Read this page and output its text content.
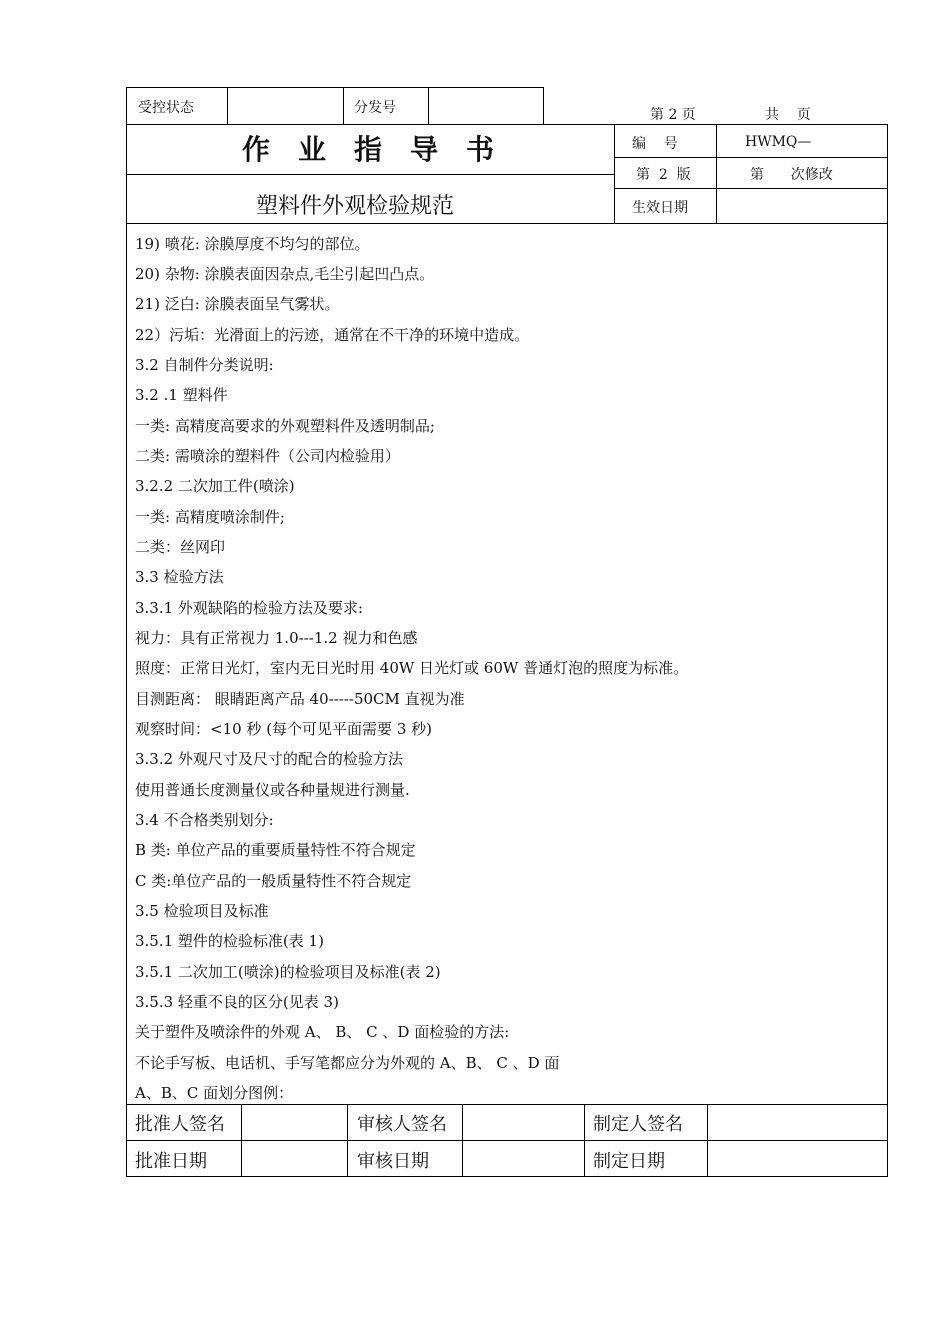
受控状态	分发号	第 2 页	共    页
作业指导书
塑料件外观检验规范
编    号	HWMQ—
第  2  版	第      次修改
生效日期
19) 喷花: 涂膜厚度不均匀的部位。
20) 杂物: 涂膜表面因杂点,毛尘引起凹凸点。
21) 泛白: 涂膜表面呈气雾状。
22）污垢：光滑面上的污迹，通常在不干净的环境中造成。
3.2 自制件分类说明:
3.2 .1 塑料件
一类: 高精度高要求的外观塑料件及透明制品;
二类: 需喷涂的塑料件（公司内检验用）
3.2.2 二次加工件(喷涂)
一类: 高精度喷涂制件;
二类：丝网印
3.3 检验方法
3.3.1 外观缺陷的检验方法及要求:
视力：具有正常视力 1.0---1.2 视力和色感
照度：正常日光灯，室内无日光时用 40W 日光灯或 60W 普通灯泡的照度为标准。
目测距离： 眼睛距离产品 40-----50CM 直视为准
观察时间：<10 秒 (每个可见平面需要 3 秒)
3.3.2 外观尺寸及尺寸的配合的检验方法
使用普通长度测量仪或各种量规进行测量.
3.4 不合格类别划分:
B 类: 单位产品的重要质量特性不符合规定
C 类:单位产品的一般质量特性不符合规定
3.5 检验项目及标准
3.5.1 塑件的检验标准(表 1)
3.5.1 二次加工(喷涂)的检验项目及标准(表 2)
3.5.3 轻重不良的区分(见表 3)
关于塑件及喷涂件的外观 A、 B、 C 、D 面检验的方法:
不论手写板、电话机、手写笔都应分为外观的 A、B、 C 、D 面
A、B、C 面划分图例：
批准人签名	审核人签名	制定人签名
批准日期	审核日期	制定日期
